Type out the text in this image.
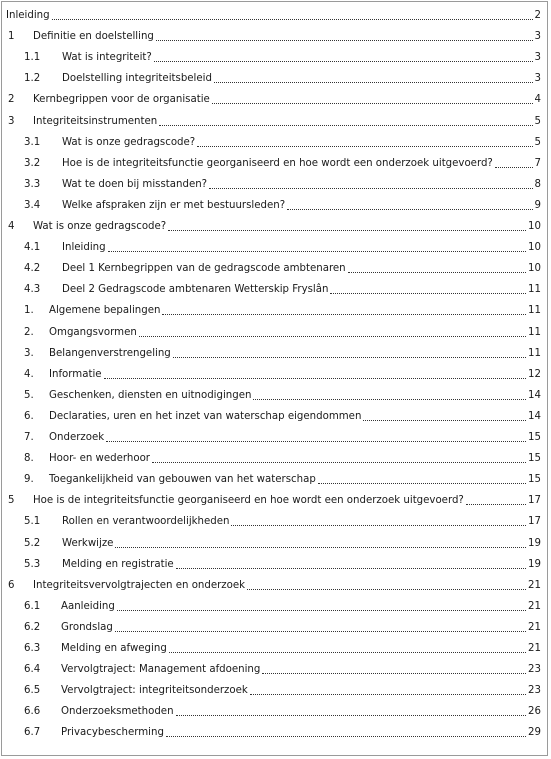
Inleiding	2
1 Definitie en doelstelling	3
1.1 Wat is integriteit?	3
1.2 Doelstelling integriteitsbeleid	3
2 Kernbegrippen voor de organisatie	4
3 Integriteitsinstrumenten	5
3.1 Wat is onze gedragscode?	5
3.2 Hoe is de integriteitsfunctie georganiseerd en hoe wordt een onderzoek uitgevoerd?	7
3.3 Wat te doen bij misstanden?	8
3.4 Welke afspraken zijn er met bestuursleden?	9
4 Wat is onze gedragscode?	10
4.1 Inleiding	10
4.2 Deel 1 Kernbegrippen van de gedragscode ambtenaren	10
4.3 Deel 2 Gedragscode ambtenaren Wetterskip Fryslân	11
1. Algemene bepalingen	11
2. Omgangsvormen	11
3. Belangenverstrengeling	11
4. Informatie	12
5. Geschenken, diensten en uitnodigingen	14
6. Declaraties, uren en het inzet van waterschap eigendommen	14
7. Onderzoek	15
8. Hoor- en wederhoor	15
9. Toegankelijkheid van gebouwen van het waterschap	15
5 Hoe is de integriteitsfunctie georganiseerd en hoe wordt een onderzoek uitgevoerd?	17
5.1 Rollen en verantwoordelijkheden	17
5.2 Werkwijze	19
5.3 Melding en registratie	19
6 Integriteitsvervolgtrajecten en onderzoek	21
6.1 Aanleiding	21
6.2 Grondslag	21
6.3 Melding en afweging	21
6.4 Vervolgtraject: Management afdoening	23
6.5 Vervolgtraject: integriteitsonderzoek	23
6.6 Onderzoeksmethoden	26
6.7 Privacybescherming	29
